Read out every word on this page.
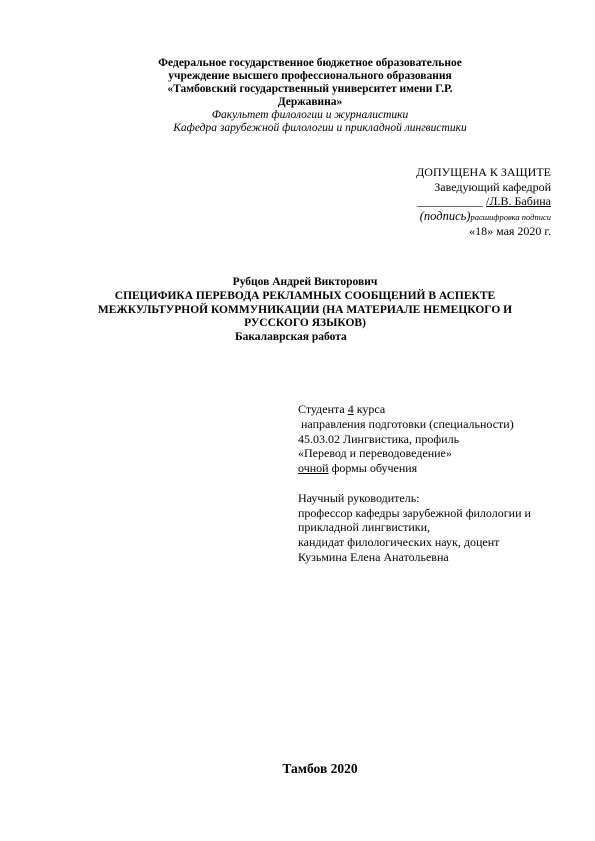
Федеральное государственное бюджетное образовательное
учреждение высшего профессионального образования
«Тамбовский государственный университет имени Г.Р.
Державина»
Факультет филологии и журналистики
Кафедра зарубежной филологии и прикладной лингвистики
ДОПУЩЕНА К ЗАЩИТЕ
Заведующий кафедрой
___________ /Л.В. Бабина
(подпись)расшифровка подписи
«18» мая 2020 г.
Рубцов Андрей Викторович
СПЕЦИФИКА ПЕРЕВОДА РЕКЛАМНЫХ СООБЩЕНИЙ В АСПЕКТЕ
МЕЖКУЛЬТУРНОЙ КОММУНИКАЦИИ (НА МАТЕРИАЛЕ НЕМЕЦКОГО И
РУССКОГО ЯЗЫКОВ)
Бакалаврская работа
Студента 4 курса
направления подготовки (специальности)
45.03.02 Лингвистика, профиль
«Перевод и переводоведение»
очной формы обучения
Научный руководитель:
профессор кафедры зарубежной филологии и
прикладной лингвистики,
кандидат филологических наук, доцент
Кузьмина Елена Анатольевна
Тамбов 2020
